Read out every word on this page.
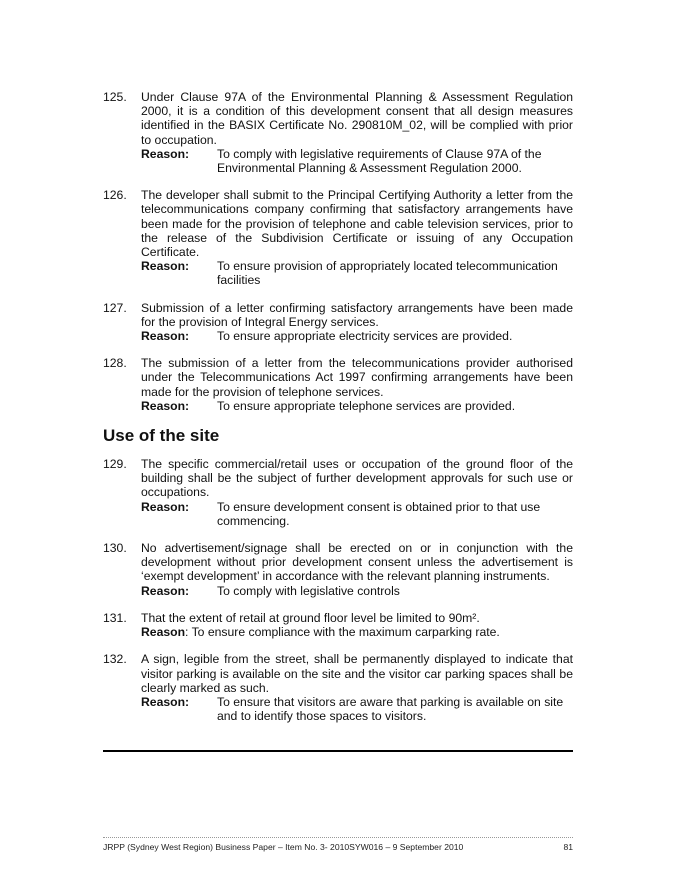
125.	Under Clause 97A of the Environmental Planning & Assessment Regulation 2000, it is a condition of this development consent that all design measures identified in the BASIX Certificate No. 290810M_02, will be complied with prior to occupation.
Reason:	To comply with legislative requirements of Clause 97A of the Environmental Planning & Assessment Regulation 2000.
126.	The developer shall submit to the Principal Certifying Authority a letter from the telecommunications company confirming that satisfactory arrangements have been made for the provision of telephone and cable television services, prior to the release of the Subdivision Certificate or issuing of any Occupation Certificate.
Reason:	To ensure provision of appropriately located telecommunication facilities
127.	Submission of a letter confirming satisfactory arrangements have been made for the provision of Integral Energy services.
Reason:	To ensure appropriate electricity services are provided.
128.	The submission of a letter from the telecommunications provider authorised under the Telecommunications Act 1997 confirming arrangements have been made for the provision of telephone services.
Reason:	To ensure appropriate telephone services are provided.
Use of the site
129.	The specific commercial/retail uses or occupation of the ground floor of the building shall be the subject of further development approvals for such use or occupations.
Reason:	To ensure development consent is obtained prior to that use commencing.
130.	No advertisement/signage shall be erected on or in conjunction with the development without prior development consent unless the advertisement is ‘exempt development’ in accordance with the relevant planning instruments.
Reason:	To comply with legislative controls
131.	That the extent of retail at ground floor level be limited to 90m².
Reason: To ensure compliance with the maximum carparking rate.
132.	A sign, legible from the street, shall be permanently displayed to indicate that visitor parking is available on the site and the visitor car parking spaces shall be clearly marked as such.
Reason:	To ensure that visitors are aware that parking is available on site and to identify those spaces to visitors.
JRPP (Sydney West Region) Business Paper – Item No. 3- 2010SYW016 – 9 September 2010	81
